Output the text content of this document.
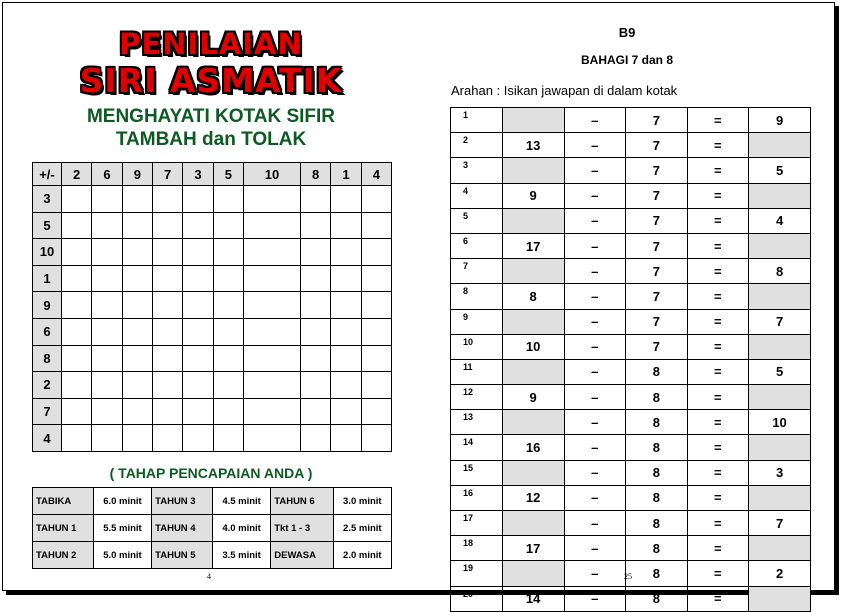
PENILAIAN
SIRI ASMATIK
MENGHAYATI KOTAK SIFIR
TAMBAH dan TOLAK
+/-	2	6	9	7	3	5	10	8	1	4
3										
5										
10										
1										
9										
6										
8										
2										
7										
4										
( TAHAP PENCAPAIAN ANDA )
TABIKA	6.0 minit	TAHUN 3	4.5 minit	TAHUN 6	3.0 minit
TAHUN 1	5.5 minit	TAHUN 4	4.0 minit	Tkt 1 - 3	2.5 minit
TAHUN 2	5.0 minit	TAHUN 5	3.5 minit	DEWASA	2.0 minit
4
B9
BAHAGI 7 dan 8
Arahan : Isikan jawapan di dalam kotak
1		–	7	=	9
2	13	–	7	=	
3		–	7	=	5
4	9	–	7	=	
5		–	7	=	4
6	17	–	7	=	
7		–	7	=	8
8	8	–	7	=	
9		–	7	=	7
10	10	–	7	=	
11		–	8	=	5
12	9	–	8	=	
13		–	8	=	10
14	16	–	8	=	
15		–	8	=	3
16	12	–	8	=	
17		–	8	=	7
18	17	–	8	=	
19		–	8	=	2
20	14	–	8	=	
25
